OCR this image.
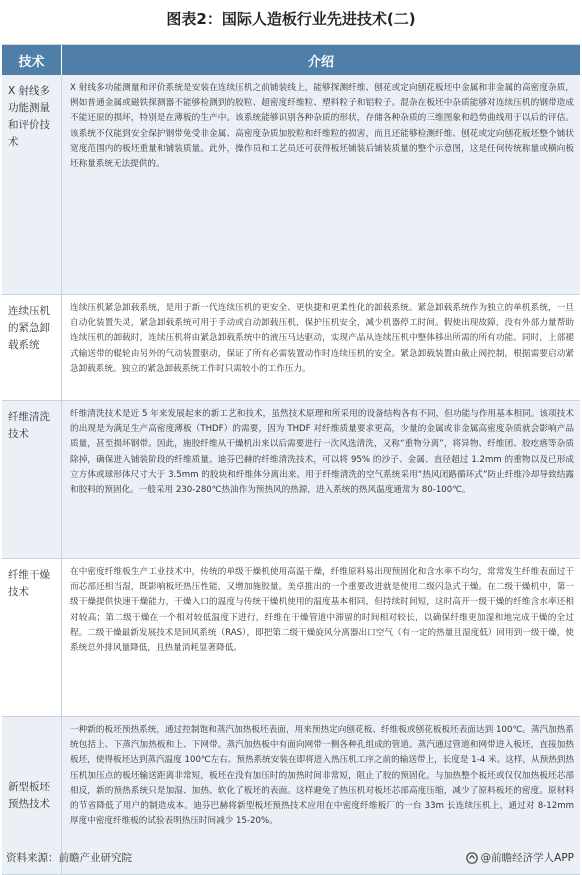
图表2：国际人造板行业先进技术(二)
技术	介绍
X 射线多功能测量和评价技术
X 射线多功能测量和评价系统是安装在连续压机之前铺装线上，能够探测纤维、刨花或定向刨花板坯中金属和非金属的高密度杂质，例如普通金属或磁铁探测器不能够检测到的胶粒、超密度纤维粒、塑料粒子和铝粒子。混杂在板坯中杂质能够对连续压机的钢带造成不能还原的损坏，特别是在薄板的生产中。该系统能够识别各种杂质的形状，存储各种杂质的三维图象和趋势曲线用于以后的评估。该系统不仅能到安全保护钢带免受非金属、高密度杂质加胶粒和纤维粒的损害，而且还能够检测纤维、刨花或定向刨花板坯整个铺状宽度范围内的板坯重量和铺装质量。此外，操作员和工艺员还可获得板坯铺装后铺装质量的整个示意图，这是任何传统称量或横向板坯称量系统无法提供的。
连续压机的紧急卸载系统
连续压机紧急卸载系统，是用于新一代连续压机的更安全、更快捷和更柔性化的卸载系统。紧急卸载系统作为独立的单机系统，一旦自动化装置失灵，紧急卸载系统可用于手动或自动卸载压机，保护压机安全，减少机器停工时间。假使出现故障，没有外部力量帮助连续压机的卸载时，连续压机将由紧急卸载系统中的液压马达驱动，实现产品从连续压机中整体移出所需的所有功能。同时，上部褪式输送带的辊轮由另外的气动装置驱动，保证了所有必需装置动作时连续压机的安全。紧急卸载装置由截止阀控制，根据需要启动紧急卸载系统。独立的紧急卸载系统工作时只需较小的工作压力。
纤维清洗技术
纤维清洗技术是近 5 年来发展起来的新工艺和技术，虽然技术原理和所采用的设备结构各有不同，但功能与作用基本相同。该项技术的出现是为满足生产高密度薄板（THDF）的需要，因为 THDF 对纤维质量要求更高，少量的金属或非金属高密度杂质就会影响产品质量，甚至损坏钢带。因此，施胶纤维从干燥机出来以后需要进行一次风选清洗，又称“重物分离”，将异物、纤维团、胶疙瘩等杂质除掉，确保进入铺装阶段的纤维质量。迪芬巴赫的纤维清洗技术，可以将 95% 的沙子、金属、直径超过 1.2mm 的重物以及已形成立方体或球形体尺寸大于 3.5mm 的胶块和纤维体分离出来。用于纤维清洗的空气系统采用“热风闭路循环式”防止纤维冷却导致结露和胶料的预固化。一般采用 230-280℃热油作为预热风的热源，进入系统的热风温度通常为 80-100℃。
纤维干燥技术
在中密度纤维板生产工业技术中，传统的单级干燥机使用高温干燥，纤维原料易出现预固化和含水率不均匀，常常发生纤维表面过干而芯部还相当湿，既影响板坯热压性能，又增加施胶量。美卓推出的一个重要改进就是使用二级闪急式干燥。在二级干燥机中，第一级干燥提供快速干燥能力，干燥入口的温度与传统干燥机使用的温度基本相同，但持续时间短，这时高开一级干燥的纤维含水率还相对较高；第二级干燥在一个相对较低温度下进行，纤维在干燥管道中滞留的时间相对较长，以确保纤维更加湿和地完成干燥的全过程。二级干燥最新发展技术是回风系统（RAS），即把第二级干燥旋风分离器出口空气（有一定的热量且湿度低）回用到一级干燥，使系统总外排风量降低，且热量消耗显著降低。
新型板坯预热技术
一种新的板坯预热系统，通过控制饱和蒸汽加热板坯表面，用来预热定向刨花板、纤维板或刨花板板坯表面达到 100℃。蒸汽加热系统包括上、下蒸汽加热板和上、下网带。蒸汽加热板中有面向网带一侧各种孔组成的管道。蒸汽通过管道和网带进入板坯，直接加热板坯，使得板坯达到蒸汽温度 100℃左右。预热系统安装在即将进入热压机工序之前的输送带上，长度是 1-4 米。这样，从预热到热压机加压点的板坯输送距离非常短，板坯在没有加压时的加热时间非常短，阻止了胶的预固化。与加热整个板坯或仅仅加热板坯芯部相反，新的预热系统只是加湿、加热、软化了板坯的表面。这样避免了热压机对板坯芯部高度压缩，减少了原料板坯的密度。原材料的节省降低了用户的制造成本。迪芬巴赫将新型板坯预热技术应用在中密度纤维板厂的一台 33m 长连续压机上，通过对 8-12mm 厚度中密度纤维板的试验表明热压时间减少 15-20%。
资料来源：前瞻产业研究院	@前瞻经济学人APP
